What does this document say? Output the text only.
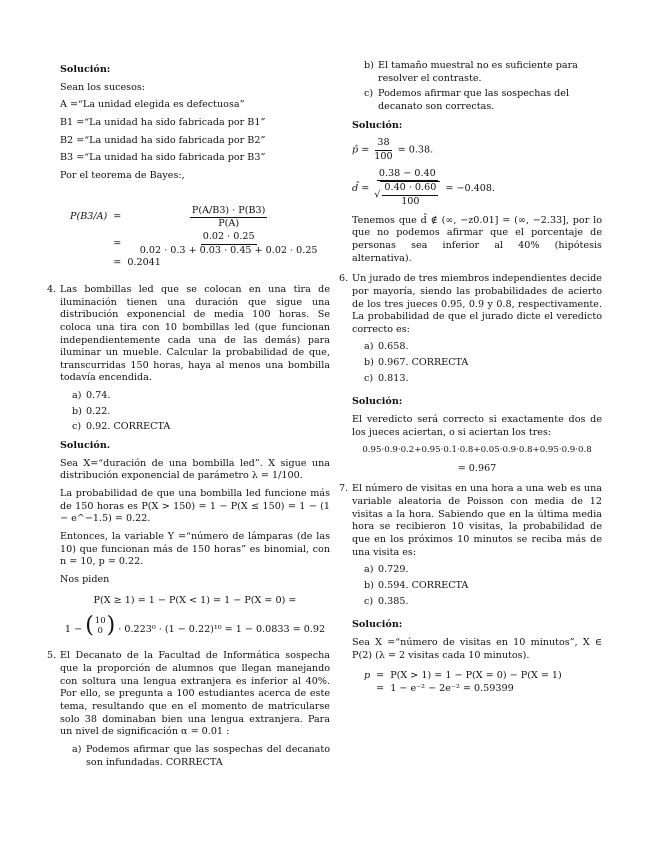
Solución:

Sean los sucesos:

A =“La unidad elegida es defectuosa”

B1 =“La unidad ha sido fabricada por B1”

B2 =“La unidad ha sido fabricada por B2”

B3 =“La unidad ha sido fabricada por B3”

Por el teorema de Bayes:,

$P(B3/A) = \frac{P(A/B3) \cdot P(B3)}{P(A)}$
= $\frac{0.02 \cdot 0.25}{0.02 \cdot 0.3 + 0.03 \cdot 0.45 + 0.02 \cdot 0.25}$
= 0.2041
4. Las bombillas led que se colocan en una tira de iluminación tienen una duración que sigue una distribución exponencial de media 100 horas. Se coloca una tira con 10 bombillas led (que funcionan independientemente cada una de las demás) para iluminar un mueble. Calcular la probabilidad de que, transcurridas 150 horas, haya al menos una bombilla todavía encendida.

a) 0.74.
b) 0.22.
c) 0.92. CORRECTA

Solución.

Sea X=“duración de una bombilla led”. X sigue una distribución exponencial de parámetro λ = 1/100.

La probabilidad de que una bombilla led funcione más de 150 horas es P(X > 150) = 1 − P(X ≤ 150) = 1 − (1 − e^−1.5) = 0.22.

Entonces, la variable Y =“número de lámparas (de las 10) que funcionan más de 150 horas” es binomial, con n = 10, p = 0.22.

Nos piden

P(X ≥ 1) = 1 − P(X < 1) = 1 − P(X = 0) =

1 − ( 10
0 ) · 0.223⁰ · (1 − 0.22)¹⁰ = 1 − 0.0833 = 0.92
5. El Decanato de la Facultad de Informática sospecha que la proporción de alumnos que llegan manejando con soltura una lengua extranjera es inferior al 40%. Por ello, se pregunta a 100 estudiantes acerca de este tema, resultando que en el momento de matricularse solo 38 dominaban bien una lengua extranjera. Para un nivel de significación α = 0.01 :

a) Podemos afirmar que las sospechas del decanato son infundadas. CORRECTA
b) El tamaño muestral no es suficiente para resolver el contraste.
c) Podemos afirmar que las sospechas del decanato son correctas.

Solución:

p̂ = $\frac{38}{100} = 0.38$.
d̂ = $\frac{0.38 - 0.40}{√ \frac{0.40 \cdot 0.60}{100}} = -0.408$.

Tenemos que d̂ ∉ (∞, −z0.01] = (∞, −2.33], por lo que no podemos afirmar que el porcentaje de personas sea inferior al 40% (hipótesis alternativa).

6. Un jurado de tres miembros independientes decide por mayoría, siendo las probabilidades de acierto de los tres jueces 0.95, 0.9 y 0.8, respectivamente. La probabilidad de que el jurado dicte el veredicto correcto es:

a) 0.658.
b) 0.967. CORRECTA
c) 0.813.

Solución:

El veredicto será correcto si exactamente dos de los jueces aciertan, o si aciertan los tres:

0.95·0.9·0.2+0.95·0.1·0.8+0.05·0.9·0.8+0.95·0.9·0.8

= 0.967

7. El número de visitas en una hora a una web es una variable aleatoria de Poisson con media de 12 visitas a la hora. Sabiendo que en la última media hora se recibieron 10 visitas, la probabilidad de que en los próximos 10 minutos se reciba más de una visita es:

a) 0.729.
b) 0.594. CORRECTA
c) 0.385.

Solución:

Sea X =“número de visitas en 10 minutos”, X ∈ P(2) (λ = 2 visitas cada 10 minutos).

p = P(X > 1) = 1 − P(X = 0) − P(X = 1)
= 1 − e⁻² − 2e⁻² = 0.59399
